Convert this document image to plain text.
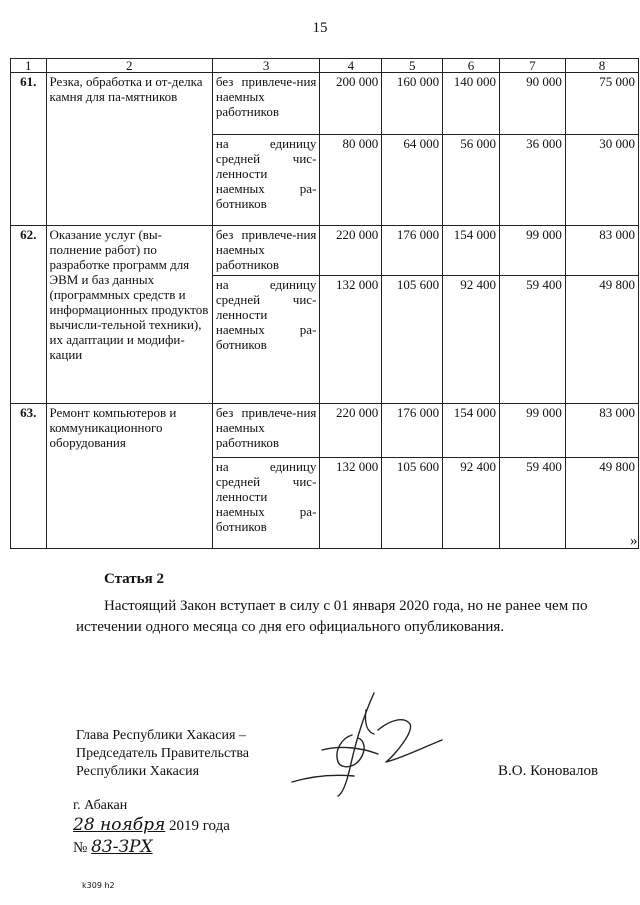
15
1	2	3	4	5	6	7	8
61.	Резка, обработка и от-делка камня для па-мятников	без привлече-ния наемных работников	200 000	160 000	140 000	90 000	75 000
		на единицу средней чис-ленности наемных ра-ботников	80 000	64 000	56 000	36 000	30 000
62.	Оказание услуг (вы-полнение работ) по разработке программ для ЭВМ и баз данных (программных средств и информационных продуктов вычисли-тельной техники), их адаптации и модифи-кации	без привлече-ния наемных работников	220 000	176 000	154 000	99 000	83 000
		на единицу средней чис-ленности наемных ра-ботников	132 000	105 600	92 400	59 400	49 800
63.	Ремонт компьютеров и коммуникационного оборудования	без привлече-ния наемных работников	220 000	176 000	154 000	99 000	83 000
		на единицу средней чис-ленности наемных ра-ботников	132 000	105 600	92 400	59 400	49 800
»
Статья 2
Настоящий Закон вступает в силу с 01 января 2020 года, но не ранее чем по истечении одного месяца со дня его официального опубликования.
Глава Республики Хакасия –
Председатель Правительства
Республики Хакасия	В.О. Коновалов
г. Абакан
28 ноября 2019 года
№ 83-ЗРХ
k309 h2
